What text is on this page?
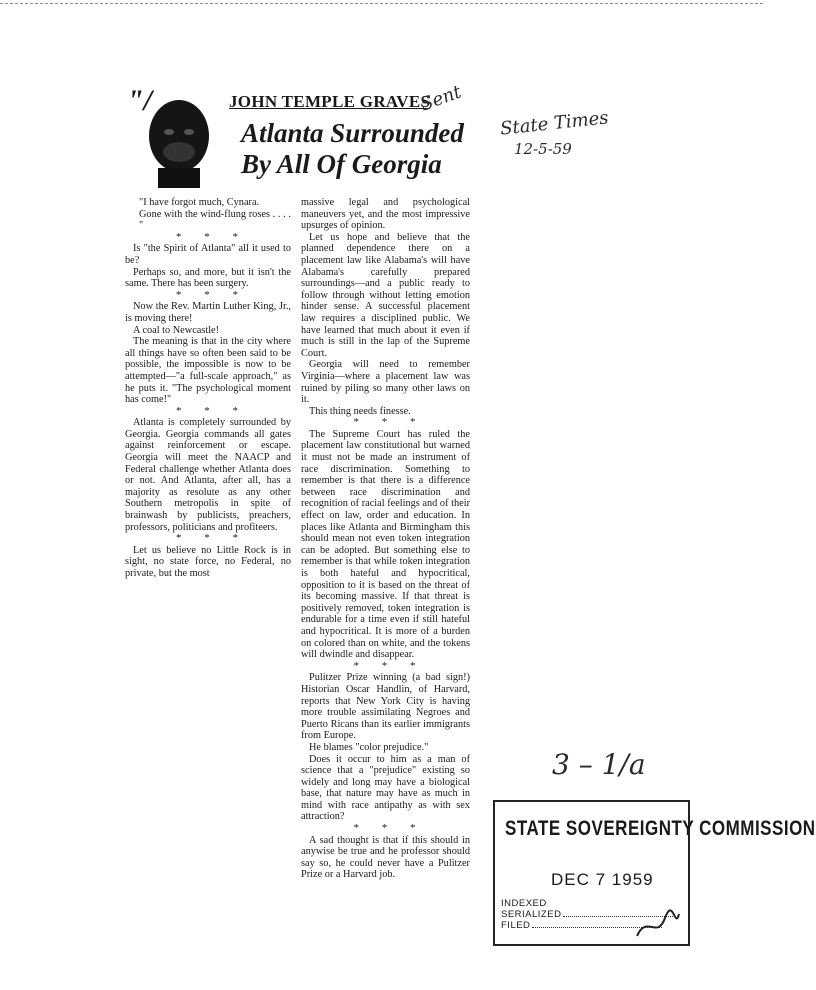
"/	JOHN TEMPLE GRAVES
Atlanta Surrounded
By All Of Georgia
Sent
State Times
12-5-59
3 – 1/a

"I have forgot much, Cynara.

Gone with the wind-flung roses . . . . "

* * *

Is "the Spirit of Atlanta" all it used to be?

Perhaps so, and more, but it isn't the same. There has been surgery.

* * *

Now the Rev. Martin Luther King, Jr., is moving there!

A coal to Newcastle!

The meaning is that in the city where all things have so often been said to be possible, the impossible is now to be attempted—"a full-scale approach," as he puts it. "The psychological moment has come!"

* * *

Atlanta is completely surrounded by Georgia. Georgia commands all gates against reinforcement or escape. Georgia will meet the NAACP and Federal challenge whether Atlanta does or not. And Atlanta, after all, has a majority as resolute as any other Southern metropolis in spite of brainwash by publicists, preachers, professors, politicians and profiteers.

* * *

Let us believe no Little Rock is in sight, no state force, no Federal, no private, but the most

massive legal and psychological maneuvers yet, and the most impressive upsurges of opinion.

Let us hope and believe that the planned dependence there on a placement law like Alabama's will have Alabama's carefully prepared surroundings—and a public ready to follow through without letting emotion hinder sense. A successful placement law requires a disciplined public. We have learned that much about it even if much is still in the lap of the Supreme Court.

Georgia will need to remember Virginia—where a placement law was ruined by piling so many other laws on it.

This thing needs finesse.

* * *

The Supreme Court has ruled the placement law constitutional but warned it must not be made an instrument of race discrimination. Something to remember is that there is a difference between race discrimination and recognition of racial feelings and of their effect on law, order and education. In places like Atlanta and Birmingham this should mean not even token integration can be adopted. But something else to remember is that while token integration is both hateful and hypocritical, opposition to it is based on the threat of its becoming massive. If that threat is positively removed, token integration is endurable for a time even if still hateful and hypocritical. It is more of a burden on colored than on white, and the tokens will dwindle and disappear.

* * *

Pulitzer Prize winning (a bad sign!) Historian Oscar Handlin, of Harvard, reports that New York City is having more trouble assimilating Negroes and Puerto Ricans than its earlier immigrants from Europe.

He blames "color prejudice."

Does it occur to him as a man of science that a "prejudice" existing so widely and long may have a biological base, that nature may have as much in mind with race antipathy as with sex attraction?

* * *

A sad thought is that if this should in anywise be true and he professor should say so, he could never have a Pulitzer Prize or a Harvard job.

STATE SOVEREIGNTY COMMISSION
DEC 7 1959
INDEXED
SERIALIZED
FILED
